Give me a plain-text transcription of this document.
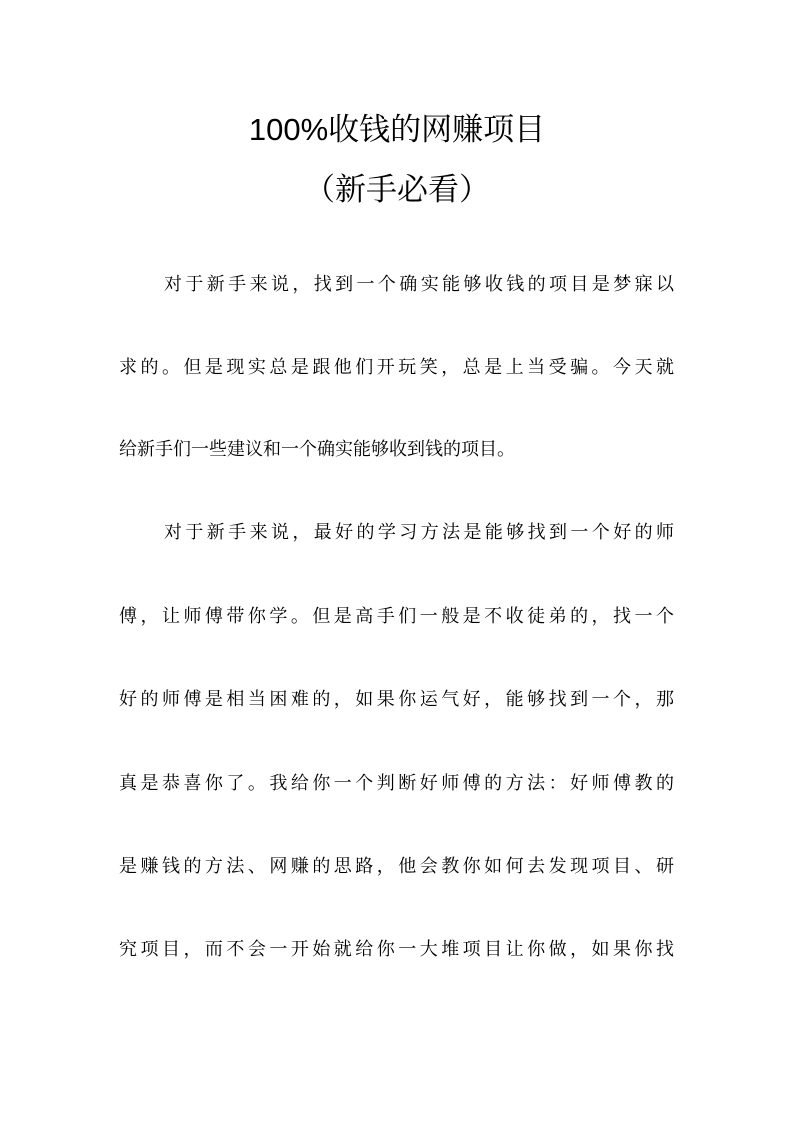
100%收钱的网赚项目
（新手必看）
对于新手来说，找到一个确实能够收钱的项目是梦寐以
求的。但是现实总是跟他们开玩笑，总是上当受骗。今天就
给新手们一些建议和一个确实能够收到钱的项目。
对于新手来说，最好的学习方法是能够找到一个好的师
傅，让师傅带你学。但是高手们一般是不收徒弟的，找一个
好的师傅是相当困难的，如果你运气好，能够找到一个，那
真是恭喜你了。我给你一个判断好师傅的方法：好师傅教的
是赚钱的方法、网赚的思路，他会教你如何去发现项目、研
究项目，而不会一开始就给你一大堆项目让你做，如果你找
